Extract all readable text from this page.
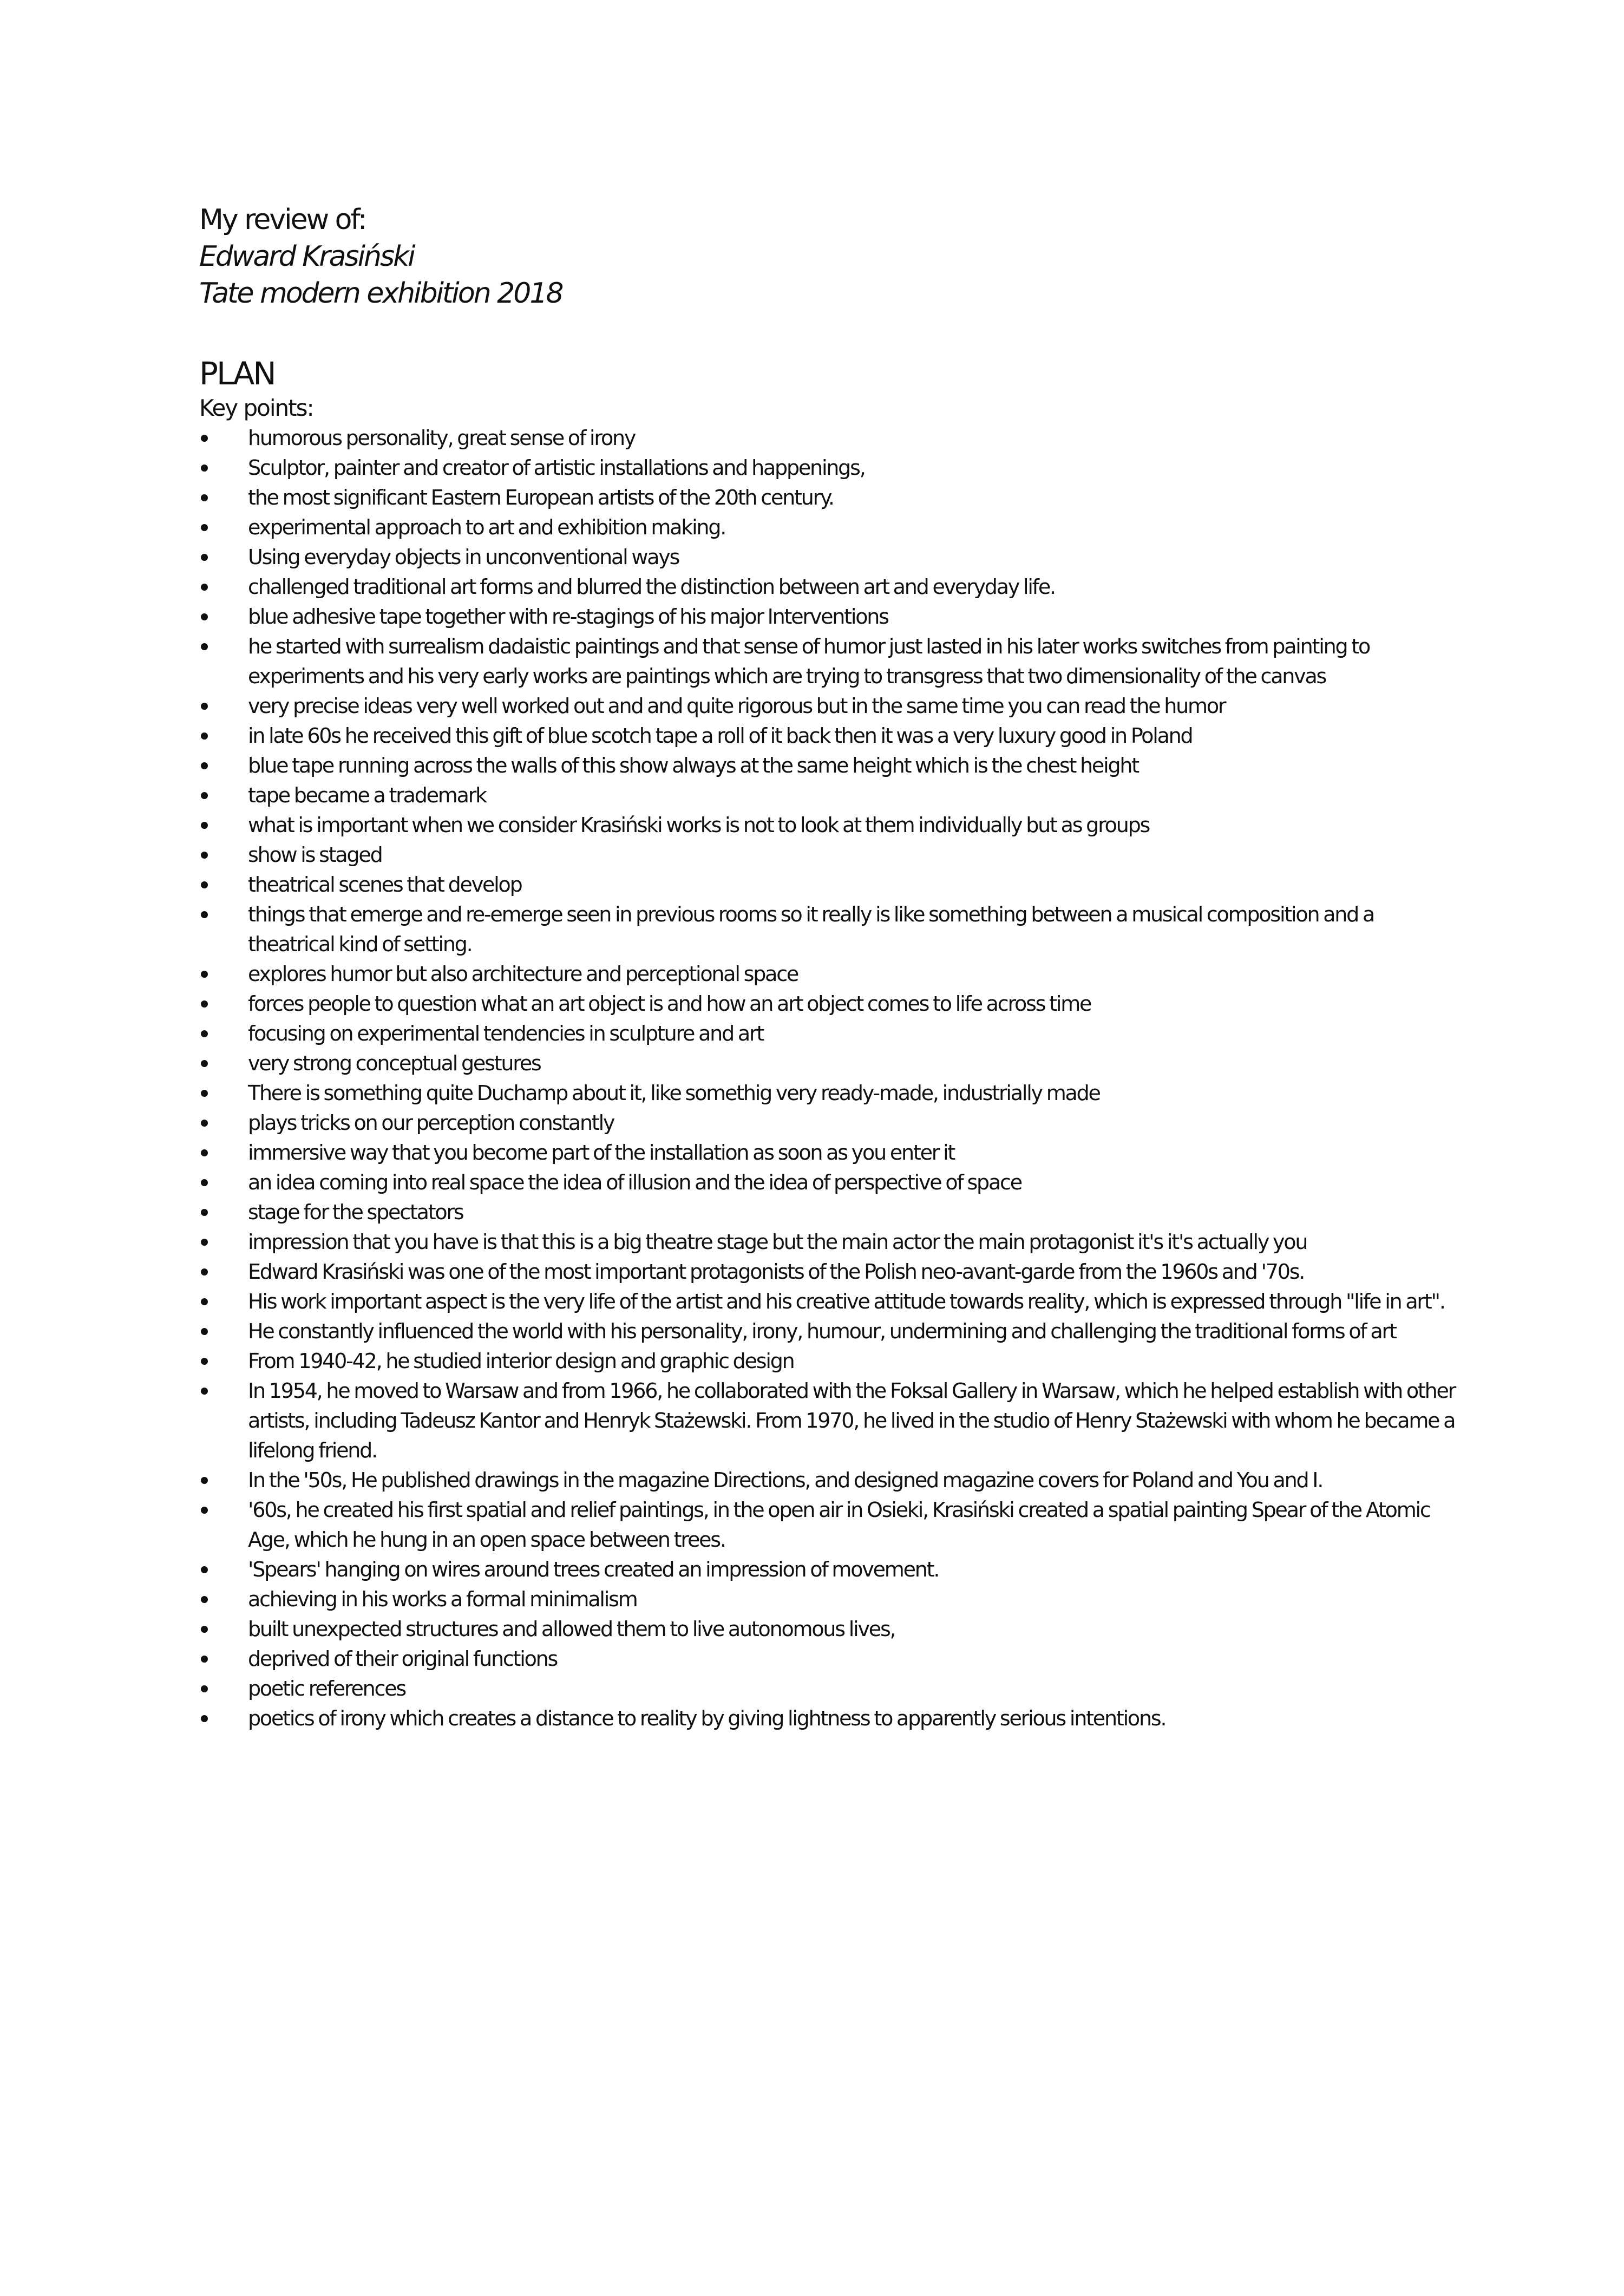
My review of:
Edward Krasiński
Tate modern exhibition 2018
PLAN
Key points:
humorous personality, great sense of irony
Sculptor, painter and creator of artistic installations and happenings,
the most significant Eastern European artists of the 20th century.
experimental approach to art and exhibition making.
Using everyday objects in unconventional ways
challenged traditional art forms and blurred the distinction between art and everyday life.
blue adhesive tape together with re-stagings of his major Interventions
he started with surrealism dadaistic paintings and that sense of humor just lasted in his later works switches from painting to experiments and his very early works are paintings which are trying to transgress that two dimensionality of the canvas
very precise ideas very well worked out and and quite rigorous but in the same time you can read the humor
in late 60s he received this gift of blue scotch tape a roll of it back then it was a very luxury good in Poland
blue tape running across the walls of this show always at the same height which is the chest height
tape became a trademark
what is important when we consider Krasiński works is not to look at them individually but as groups
show is staged
theatrical scenes that develop
things that emerge and re-emerge seen in previous rooms so it really is like something between a musical composition and a theatrical kind of setting.
explores humor but also architecture and perceptional space
forces people to question what an art object is and how an art object comes to life across time
focusing on experimental tendencies in sculpture and art
very strong conceptual gestures
There is something quite Duchamp about it, like somethig very ready-made, industrially made
plays tricks on our perception constantly
immersive way that you become part of the installation as soon as you enter it
an idea coming into real space the idea of illusion and the idea of perspective of space
stage for the spectators
impression that you have is that this is a big theatre stage but the main actor the main protagonist it's it's actually you
Edward Krasiński was one of the most important protagonists of the Polish neo-avant-garde from the 1960s and '70s.
His work important aspect is the very life of the artist and his creative attitude towards reality, which is expressed through "life in art".
He constantly influenced the world with his personality, irony, humour, undermining and challenging the traditional forms of art
From 1940-42, he studied interior design and graphic design
In 1954, he moved to Warsaw and from 1966, he collaborated with the Foksal Gallery in Warsaw, which he helped establish with other artists, including Tadeusz Kantor and Henryk Stażewski. From 1970, he lived in the studio of Henry Stażewski with whom he became a lifelong friend.
In the '50s, He published drawings in the magazine Directions, and designed magazine covers for Poland and You and I.
'60s, he created his first spatial and relief paintings, in the open air in Osieki, Krasiński created a spatial painting Spear of the Atomic Age, which he hung in an open space between trees.
'Spears' hanging on wires around trees created an impression of movement.
achieving in his works a formal minimalism
built unexpected structures and allowed them to live autonomous lives,
deprived of their original functions
poetic references
poetics of irony which creates a distance to reality by giving lightness to apparently serious intentions.
